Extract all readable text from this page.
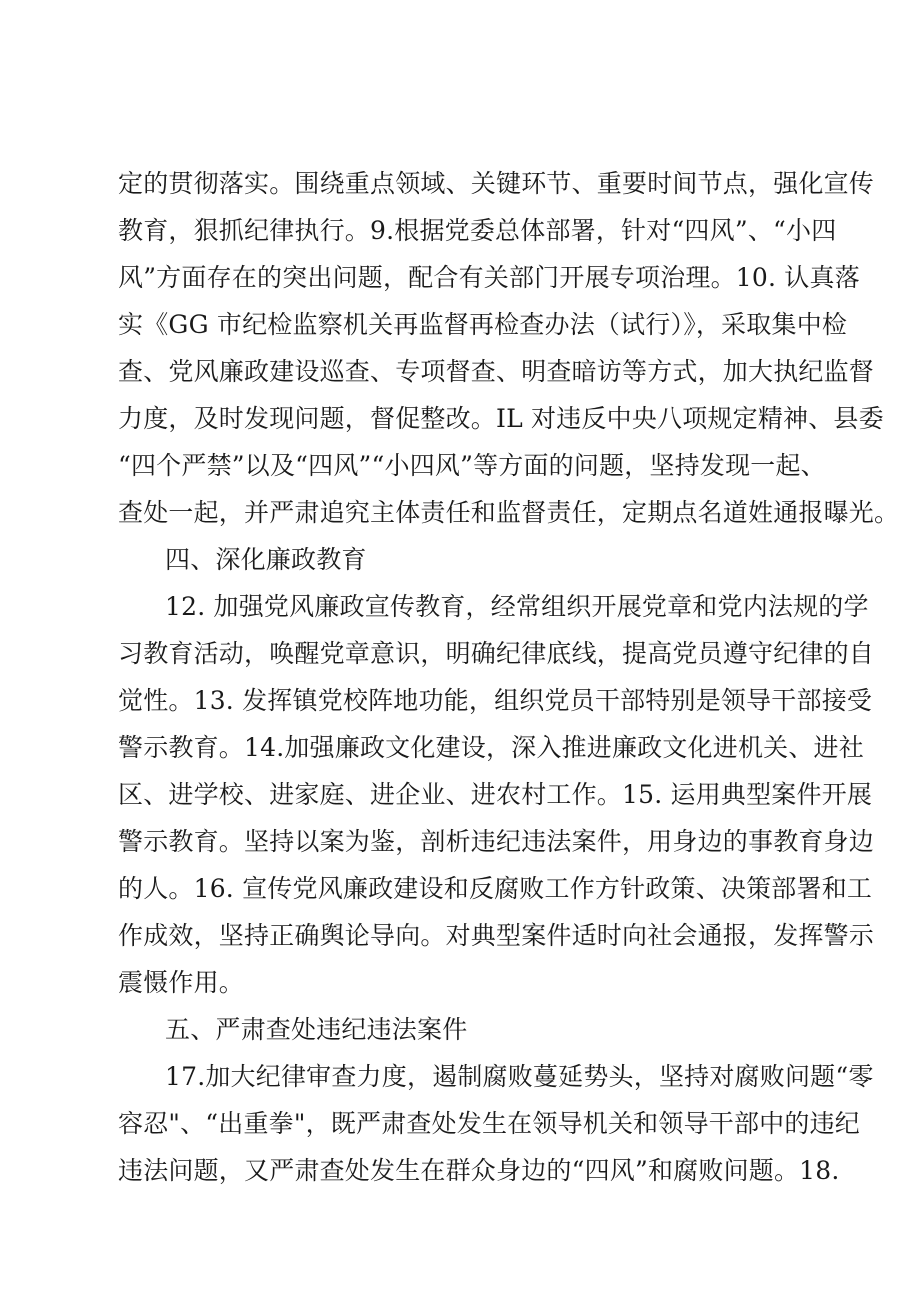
定的贯彻落实。围绕重点领域、关键环节、重要时间节点，强化宣传
教育，狠抓纪律执行。9.根据党委总体部署，针对“四风”、“小四
风”方面存在的突出问题，配合有关部门开展专项治理。10. 认真落
实《GG 市纪检监察机关再监督再检查办法（试行）》，采取集中检
查、党风廉政建设巡查、专项督查、明查暗访等方式，加大执纪监督
力度，及时发现问题，督促整改。IL 对违反中央八项规定精神、县委
“四个严禁”以及“四风”“小四风”等方面的问题，坚持发现一起、
查处一起，并严肃追究主体责任和监督责任，定期点名道姓通报曝光。
四、深化廉政教育
12. 加强党风廉政宣传教育，经常组织开展党章和党内法规的学
习教育活动，唤醒党章意识，明确纪律底线，提高党员遵守纪律的自
觉性。13. 发挥镇党校阵地功能，组织党员干部特别是领导干部接受
警示教育。14.加强廉政文化建设，深入推进廉政文化进机关、进社
区、进学校、进家庭、进企业、进农村工作。15. 运用典型案件开展
警示教育。坚持以案为鉴，剖析违纪违法案件，用身边的事教育身边
的人。16. 宣传党风廉政建设和反腐败工作方针政策、决策部署和工
作成效，坚持正确舆论导向。对典型案件适时向社会通报，发挥警示
震慑作用。
五、严肃查处违纪违法案件
17.加大纪律审查力度，遏制腐败蔓延势头，坚持对腐败问题“零
容忍"、“出重拳"，既严肃查处发生在领导机关和领导干部中的违纪
违法问题，又严肃查处发生在群众身边的“四风”和腐败问题。18.
